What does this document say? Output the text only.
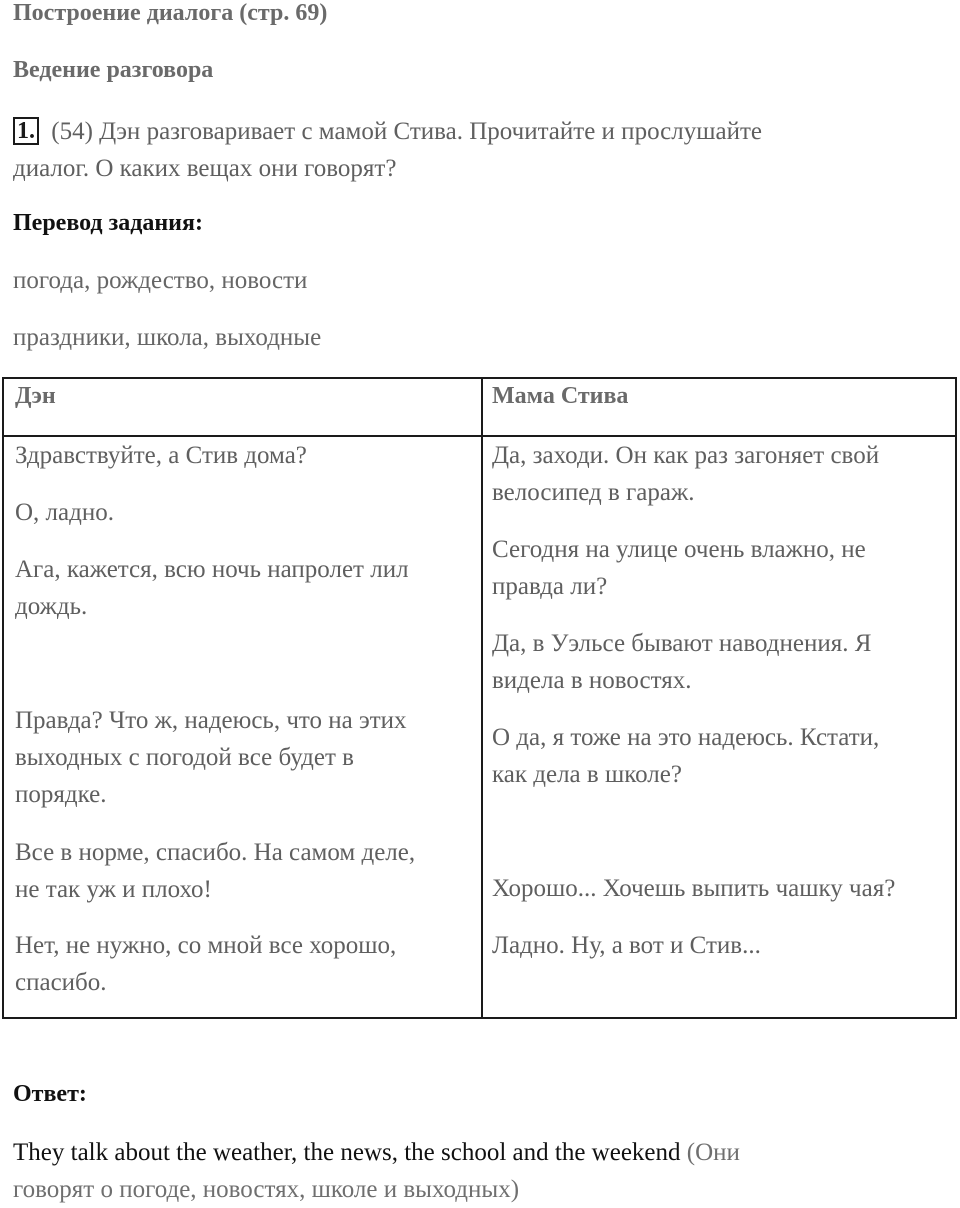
Построение диалога (стр. 69)
Ведение разговора
1. (54) Дэн разговаривает с мамой Стива. Прочитайте и прослушайте
диалог. О каких вещах они говорят?
Перевод задания:
погода, рождество, новости
праздники, школа, выходные
Дэн	Мама Стива
Здравствуйте, а Стив дома?
О, ладно.
Ага, кажется, всю ночь напролет лил
дождь.
Правда? Что ж, надеюсь, что на этих
выходных с погодой все будет в
порядке.
Все в норме, спасибо. На самом деле,
не так уж и плохо!
Нет, не нужно, со мной все хорошо,
спасибо.
Да, заходи. Он как раз загоняет свой
велосипед в гараж.
Сегодня на улице очень влажно, не
правда ли?
Да, в Уэльсе бывают наводнения. Я
видела в новостях.
О да, я тоже на это надеюсь. Кстати,
как дела в школе?
Хорошо... Хочешь выпить чашку чая?
Ладно. Ну, а вот и Стив...
Ответ:
They talk about the weather, the news, the school and the weekend (Они
говорят о погоде, новостях, школе и выходных)
